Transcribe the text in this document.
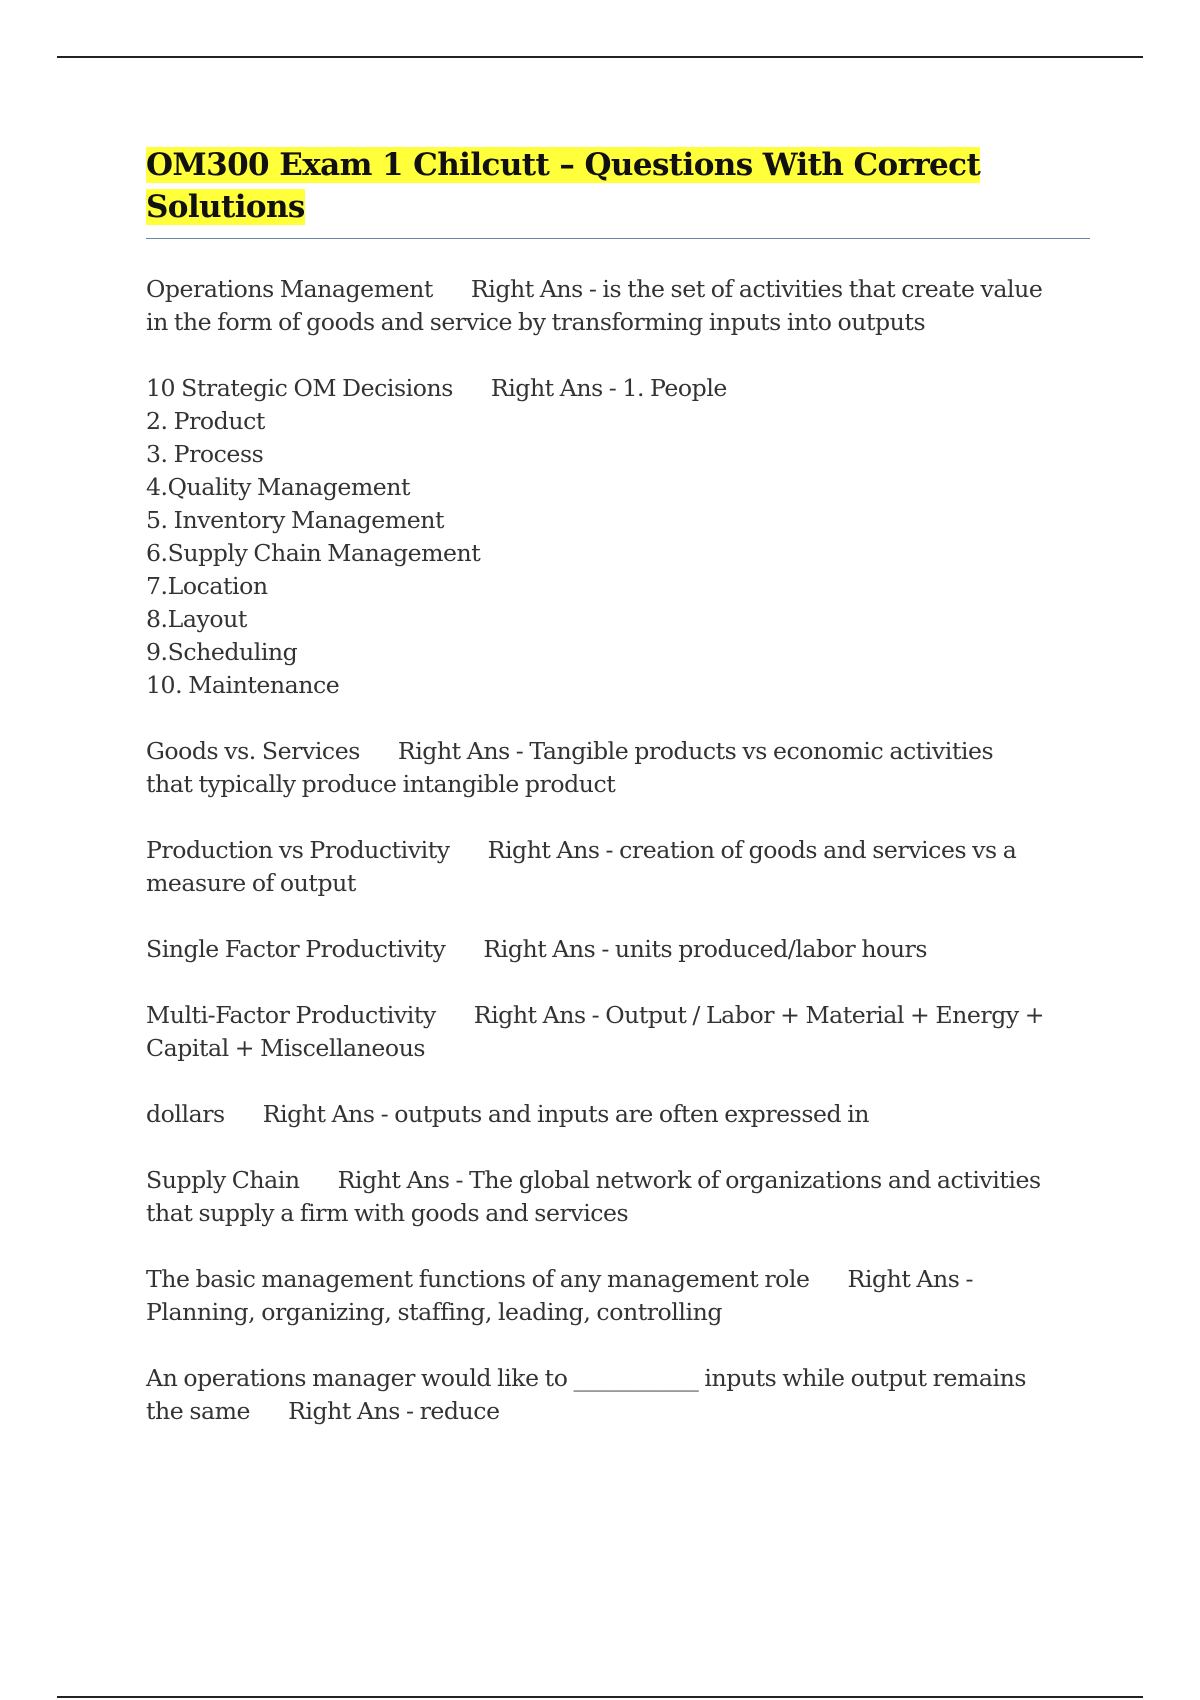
OM300 Exam 1 Chilcutt – Questions With Correct
Solutions
Operations Management Right Ans - is the set of activities that create value
in the form of goods and service by transforming inputs into outputs
10 Strategic OM Decisions Right Ans - 1. People
2. Product
3. Process
4.Quality Management
5. Inventory Management
6.Supply Chain Management
7.Location
8.Layout
9.Scheduling
10. Maintenance
Goods vs. Services Right Ans - Tangible products vs economic activities
that typically produce intangible product
Production vs Productivity Right Ans - creation of goods and services vs a
measure of output
Single Factor Productivity Right Ans - units produced/labor hours
Multi-Factor Productivity Right Ans - Output / Labor + Material + Energy +
Capital + Miscellaneous
dollars Right Ans - outputs and inputs are often expressed in
Supply Chain Right Ans - The global network of organizations and activities
that supply a firm with goods and services
The basic management functions of any management role Right Ans -
Planning, organizing, staffing, leading, controlling
An operations manager would like to ___________ inputs while output remains
the same Right Ans - reduce
